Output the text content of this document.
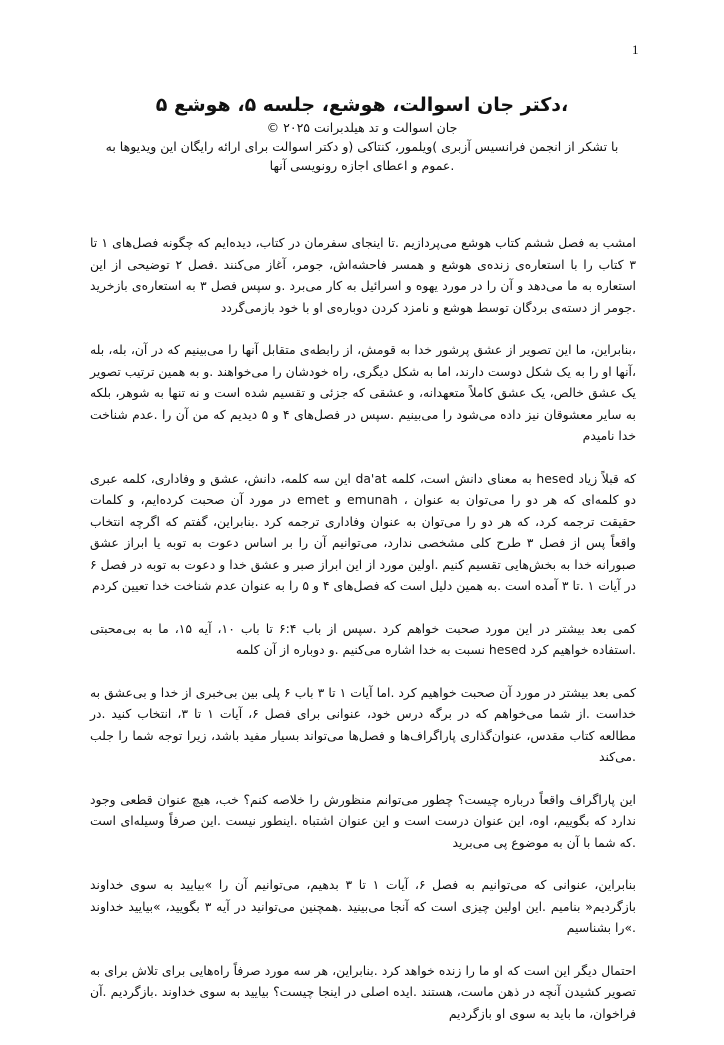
1

،دکتر جان اسوالت، هوشع، جلسه ۵، هوشع ۵

جان اسوالت و تد هیلدبرانت ۲۰۲۵ ©

با تشکر از انجمن فرانسیس آزبری )ویلمور، کنتاکی (و دکتر اسوالت برای ارائه رایگان این ویدیوها به

.عموم و اعطای اجازه رونویسی آنها

امشب به فصل ششم کتاب هوشع می‌پردازیم .تا اینجای سفرمان در کتاب، دیده‌ایم که چگونه فصل‌های ۱ تا ۳ کتاب را با استعاره‌ی زنده‌ی هوشع و همسر فاحشه‌اش، جومر، آغاز می‌کنند .فصل ۲ توضیحی از این استعاره به ما می‌دهد و آن را در مورد یهوه و اسرائیل به کار می‌برد .و سپس فصل ۳ به استعاره‌ی بازخرید .جومر از دسته‌ی بردگان توسط هوشع و نامزد کردن دوباره‌ی او با خود بازمی‌گردد

،بنابراین، ما این تصویر از عشق پرشور خدا به قومش، از رابطه‌ی متقابل آنها را می‌بینیم که در آن، بله، بله ،آنها او را به یک شکل دوست دارند، اما به شکل دیگری، راه خودشان را می‌خواهند .و به همین ترتیب تصویر یک عشق خالص، یک عشق کاملاً متعهدانه، و عشقی که جزئی و تقسیم شده است و نه تنها به شوهر، بلکه به سایر معشوقان نیز داده می‌شود را می‌بینیم .سپس در فصل‌های ۴ و ۵ دیدیم که من آن را .عدم شناخت خدا نامیدم

که قبلاً زیاد hesed به معنای دانش است، کلمه da'at این سه کلمه، دانش، عشق و وفاداری، کلمه عبری دو کلمه‌ای که هر دو را می‌توان به عنوان ، emunah و emet در مورد آن صحبت کرده‌ایم، و کلمات حقیقت ترجمه کرد، که هر دو را می‌توان به عنوان وفاداری ترجمه کرد .بنابراین، گفتم که اگرچه انتخاب واقعاً پس از فصل ۳ طرح کلی مشخصی ندارد، می‌توانیم آن را بر اساس دعوت به توبه یا ابراز عشق صبورانه خدا به بخش‌هایی تقسیم کنیم .اولین مورد از این ابراز صبر و عشق خدا و دعوت به توبه در فصل ۶ در آیات ۱ .تا ۳ آمده است .به همین دلیل است که فصل‌های ۴ و ۵ را به عنوان عدم شناخت خدا تعیین کردم

کمی بعد بیشتر در این مورد صحبت خواهم کرد .سپس از باب ۶:۴ تا باب ۱۰، آیه ۱۵، ما به بی‌محبتی .استفاده خواهیم کرد hesed نسبت به خدا اشاره می‌کنیم .و دوباره از آن کلمه

کمی بعد بیشتر در مورد آن صحبت خواهیم کرد .اما آیات ۱ تا ۳ باب ۶ پلی بین بی‌خبری از خدا و بی‌عشق به خداست .از شما می‌خواهم که در برگه درس خود، عنوانی برای فصل ۶، آیات ۱ تا ۳، انتخاب کنید .در مطالعه کتاب مقدس، عنوان‌گذاری پاراگراف‌ها و فصل‌ها می‌تواند بسیار مفید باشد، زیرا توجه شما را جلب .می‌کند

این پاراگراف واقعاً درباره چیست؟ چطور می‌توانم منظورش را خلاصه کنم؟ خب، هیچ عنوان قطعی وجود ندارد که بگوییم، اوه، این عنوان درست است و این عنوان اشتباه .اینطور نیست .این صرفاً وسیله‌ای است .که شما با آن به موضوع پی می‌برید

بنابراین، عنوانی که می‌توانیم به فصل ۶، آیات ۱ تا ۳ بدهیم، می‌توانیم آن را »بیایید به سوی خداوند بازگردیم« بنامیم .این اولین چیزی است که آنجا می‌بینید .همچنین می‌توانید در آیه ۳ بگویید، »بیایید خداوند .»را بشناسیم

احتمال دیگر این است که او ما را زنده خواهد کرد .بنابراین، هر سه مورد صرفاً راه‌هایی برای تلاش برای به تصویر کشیدن آنچه در ذهن ماست، هستند .ایده اصلی در اینجا چیست؟ بیایید به سوی خداوند .بازگردیم .آن فراخوان، ما باید به سوی او بازگردیم
